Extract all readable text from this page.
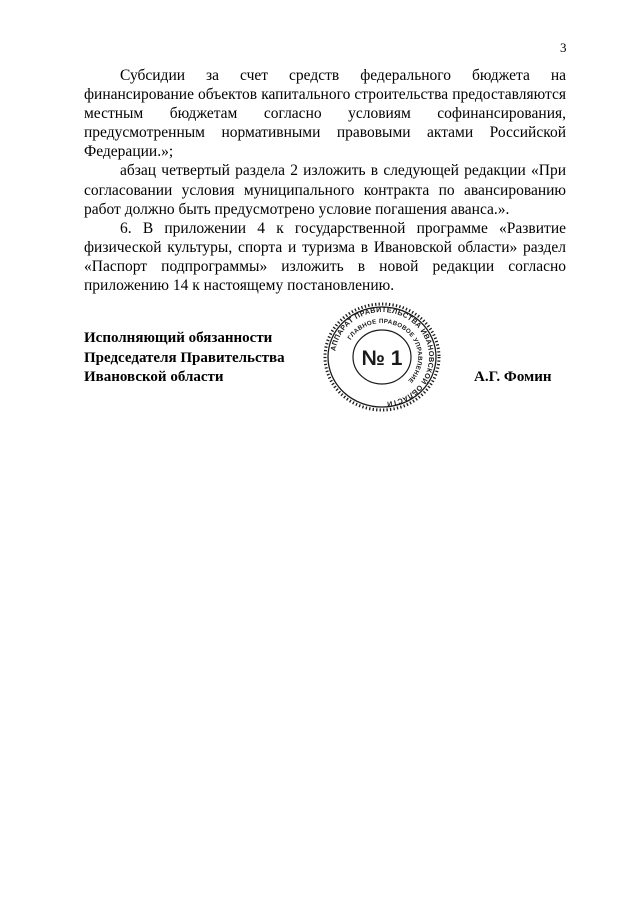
3

Субсидии за счет средств федерального бюджета на финансирование объектов капитального строительства предоставляются местным бюджетам согласно условиям софинансирования, предусмотренным нормативными правовыми актами Российской Федерации.»;

абзац четвертый раздела 2 изложить в следующей редакции «При согласовании условия муниципального контракта по авансированию работ должно быть предусмотрено условие погашения аванса.».

6. В приложении 4 к государственной программе «Развитие физической культуры, спорта и туризма в Ивановской области» раздел «Паспорт подпрограммы» изложить в новой редакции согласно приложению 14 к настоящему постановлению.

Исполняющий обязанности
Председателя Правительства
Ивановской области
АППАРАТ ПРАВИТЕЛЬСТВА ИВАНОВСКОЙ ОБЛАСТИ
ГЛАВНОЕ ПРАВОВОЕ УПРАВЛЕНИЕ
№ 1
А.Г. Фомин
